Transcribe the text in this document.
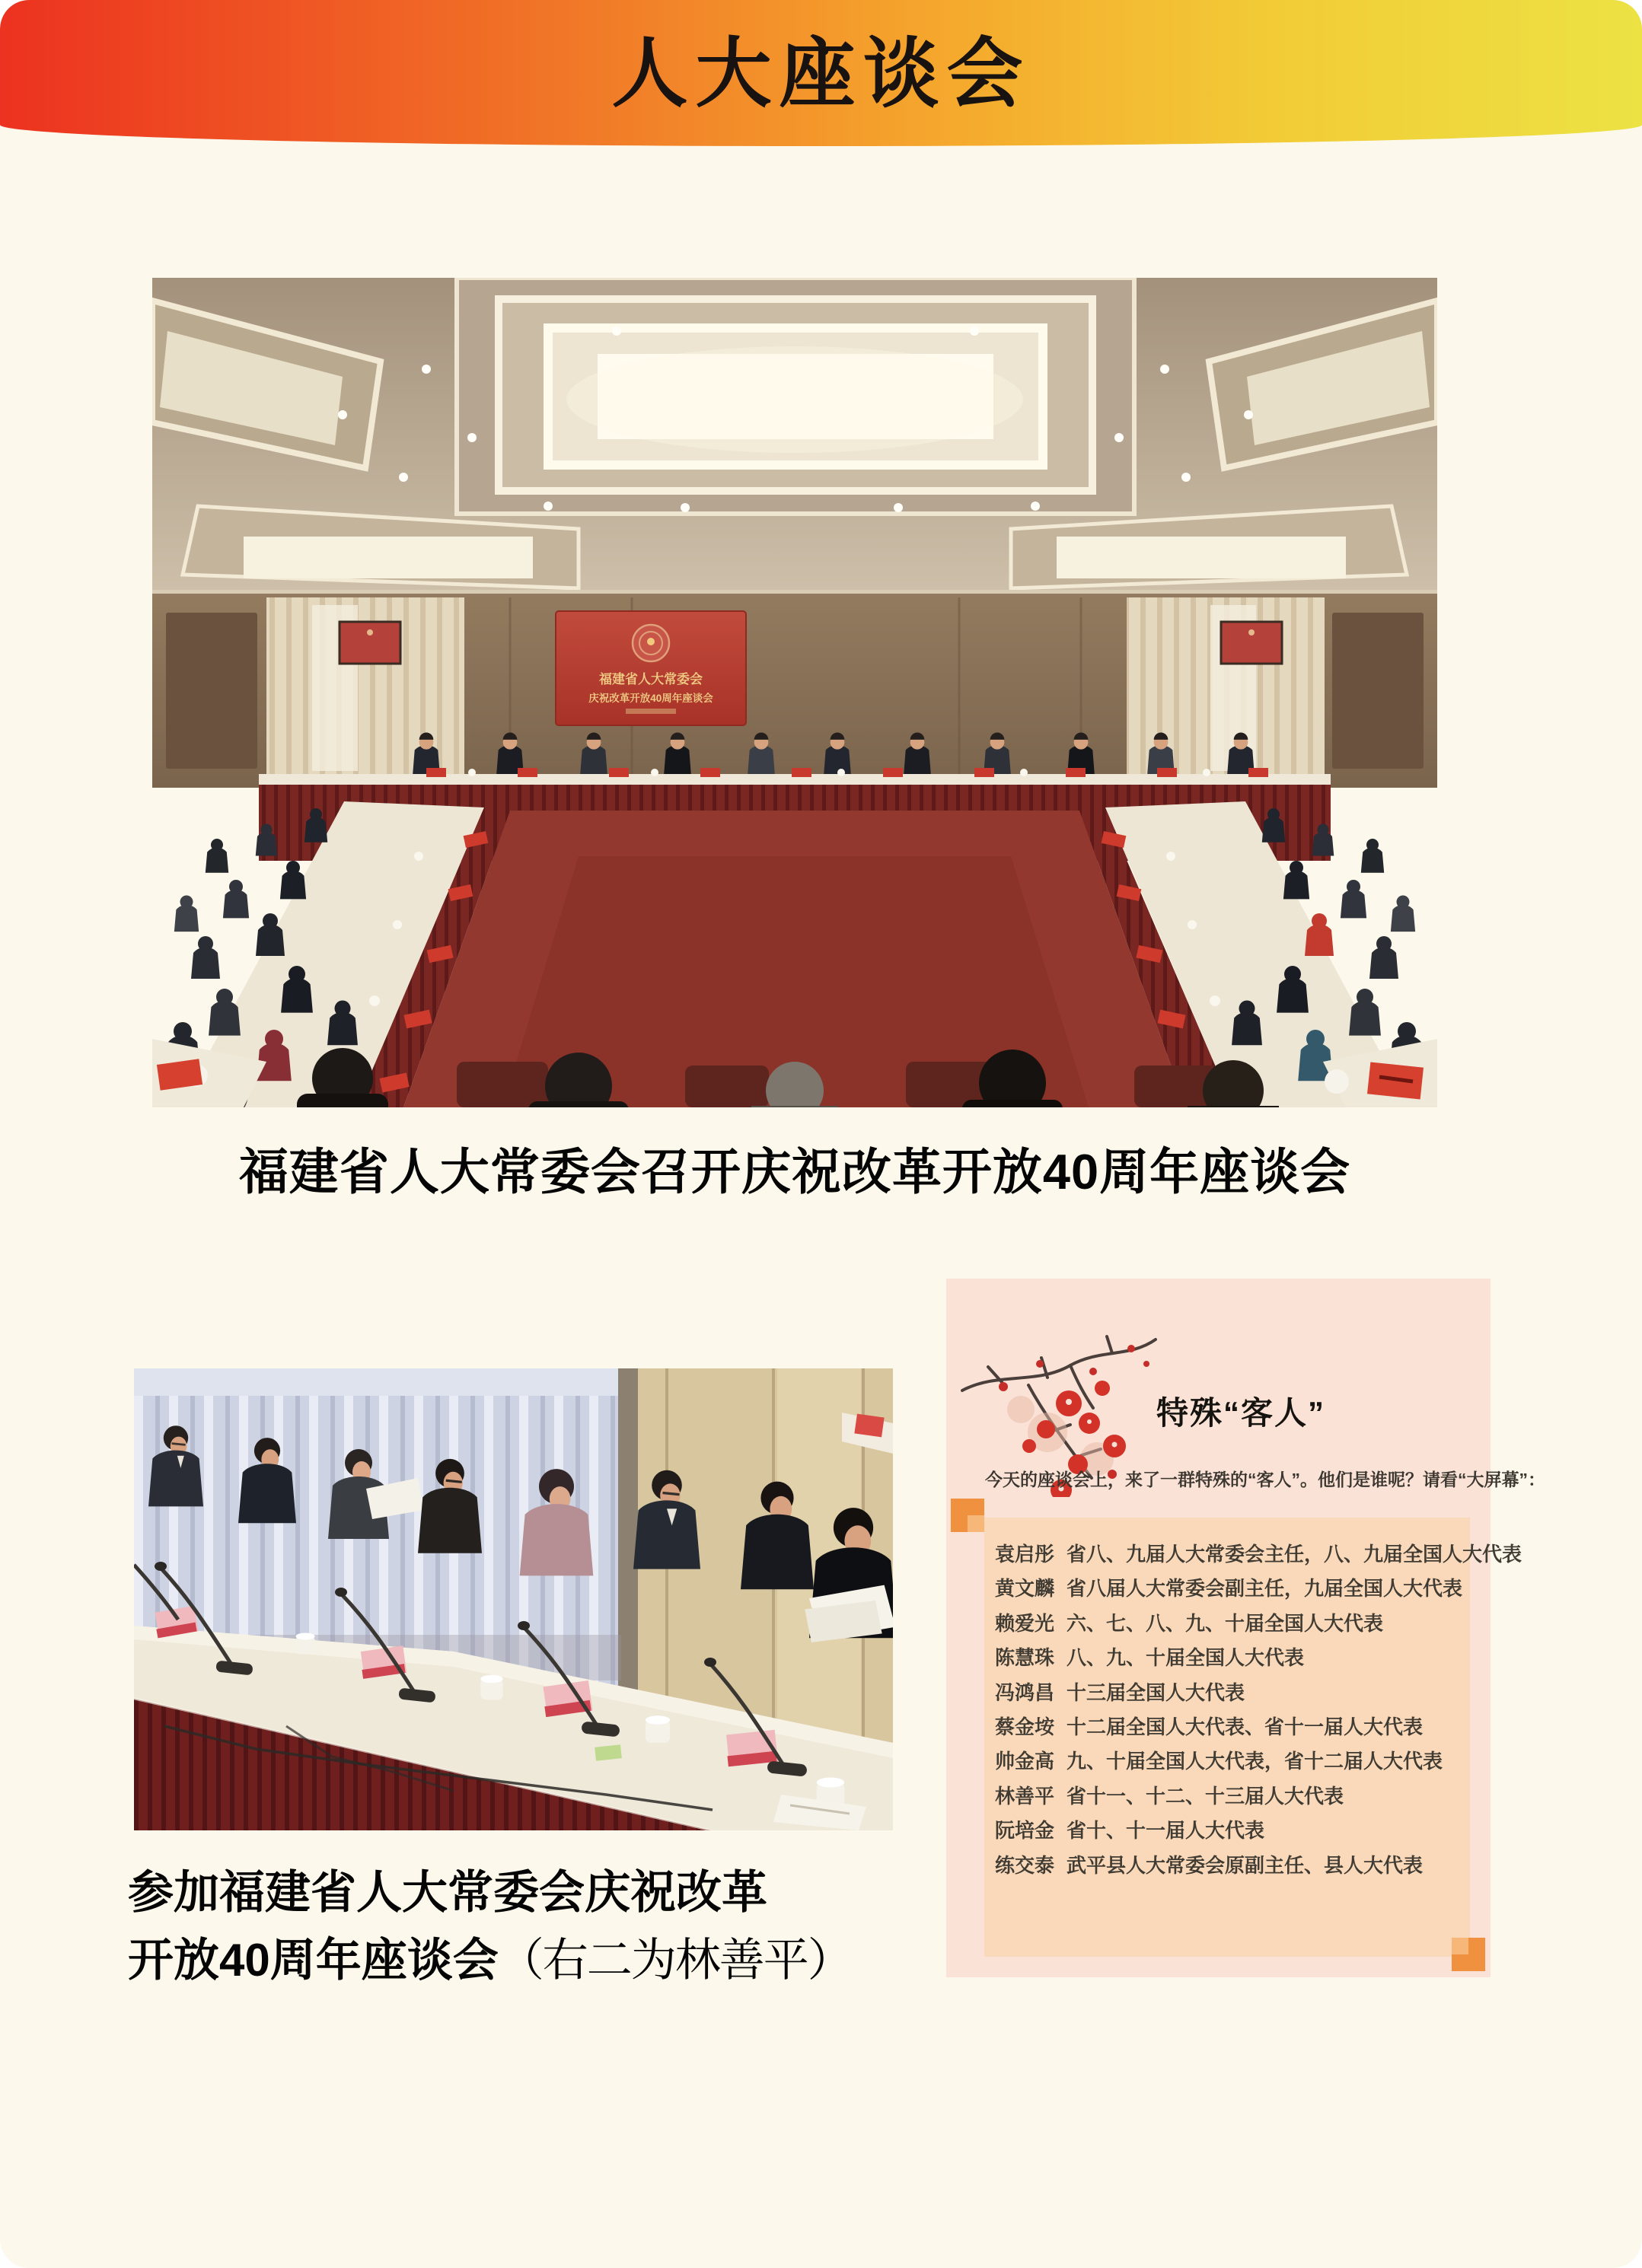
人大座谈会
福建省人大常委会
庆祝改革开放40周年座谈会
福建省人大常委会召开庆祝改革开放40周年座谈会
参加福建省人大常委会庆祝改革
开放40周年座谈会（右二为林善平）
特殊“客人”
今天的座谈会上，来了一群特殊的“客人”。他们是谁呢？请看“大屏幕”：
袁启彤 省八、九届人大常委会主任，八、九届全国人大代表
黄文麟 省八届人大常委会副主任，九届全国人大代表
赖爱光 六、七、八、九、十届全国人大代表
陈慧珠 八、九、十届全国人大代表
冯鸿昌 十三届全国人大代表
蔡金垵 十二届全国人大代表、省十一届人大代表
帅金高 九、十届全国人大代表，省十二届人大代表
林善平 省十一、十二、十三届人大代表
阮培金 省十、十一届人大代表
练交泰 武平县人大常委会原副主任、县人大代表
